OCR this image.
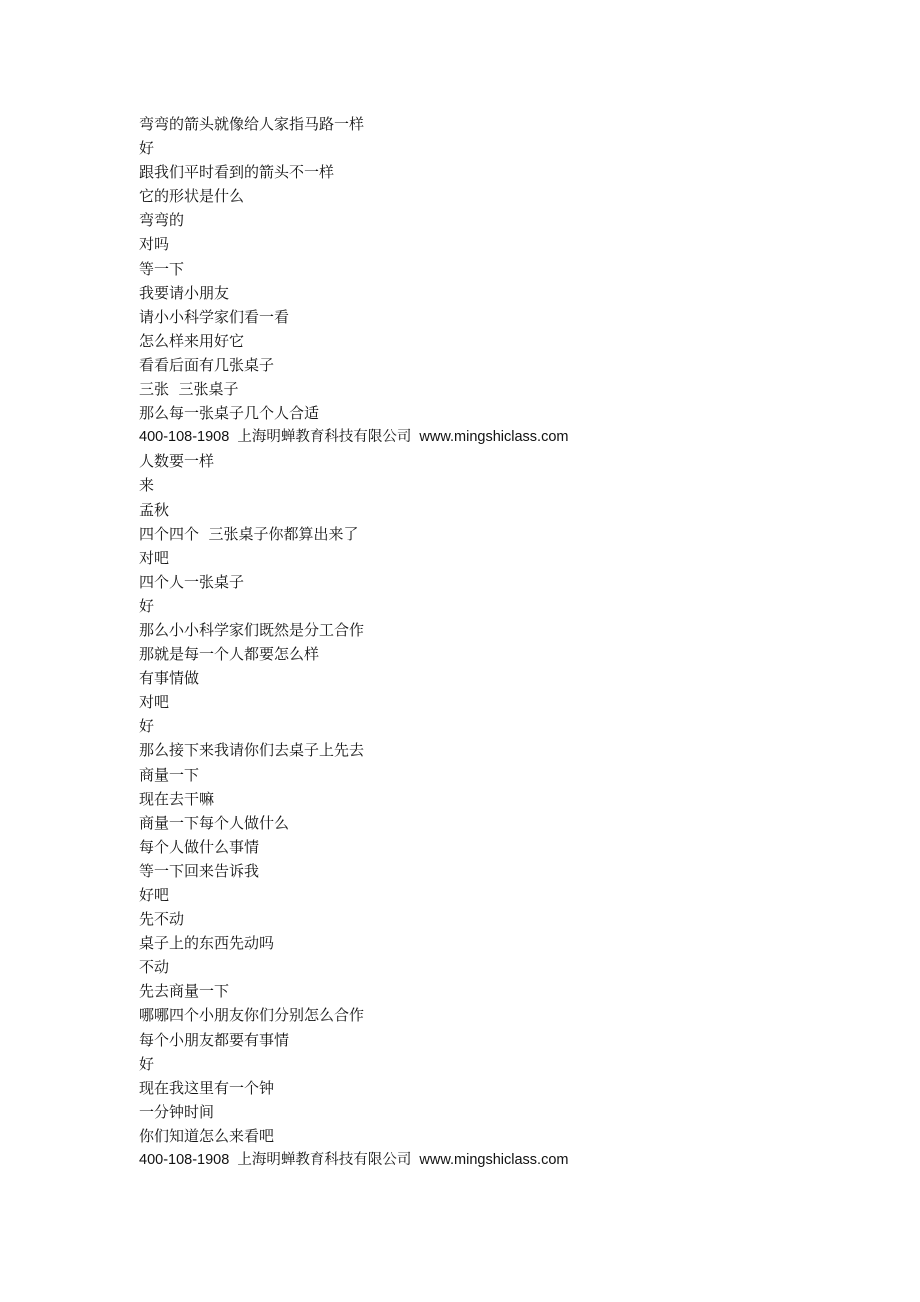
弯弯的箭头就像给人家指马路一样
好
跟我们平时看到的箭头不一样
它的形状是什么
弯弯的
对吗
等一下
我要请小朋友
请小小科学家们看一看
怎么样来用好它
看看后面有几张桌子
三张  三张桌子
那么每一张桌子几个人合适
400-108-1908  上海明蝉教育科技有限公司  www.mingshiclass.com
人数要一样
来
孟秋
四个四个  三张桌子你都算出来了
对吧
四个人一张桌子
好
那么小小科学家们既然是分工合作
那就是每一个人都要怎么样
有事情做
对吧
好
那么接下来我请你们去桌子上先去
商量一下
现在去干嘛
商量一下每个人做什么
每个人做什么事情
等一下回来告诉我
好吧
先不动
桌子上的东西先动吗
不动
先去商量一下
哪哪四个小朋友你们分别怎么合作
每个小朋友都要有事情
好
现在我这里有一个钟
一分钟时间
你们知道怎么来看吧
400-108-1908  上海明蝉教育科技有限公司  www.mingshiclass.com
